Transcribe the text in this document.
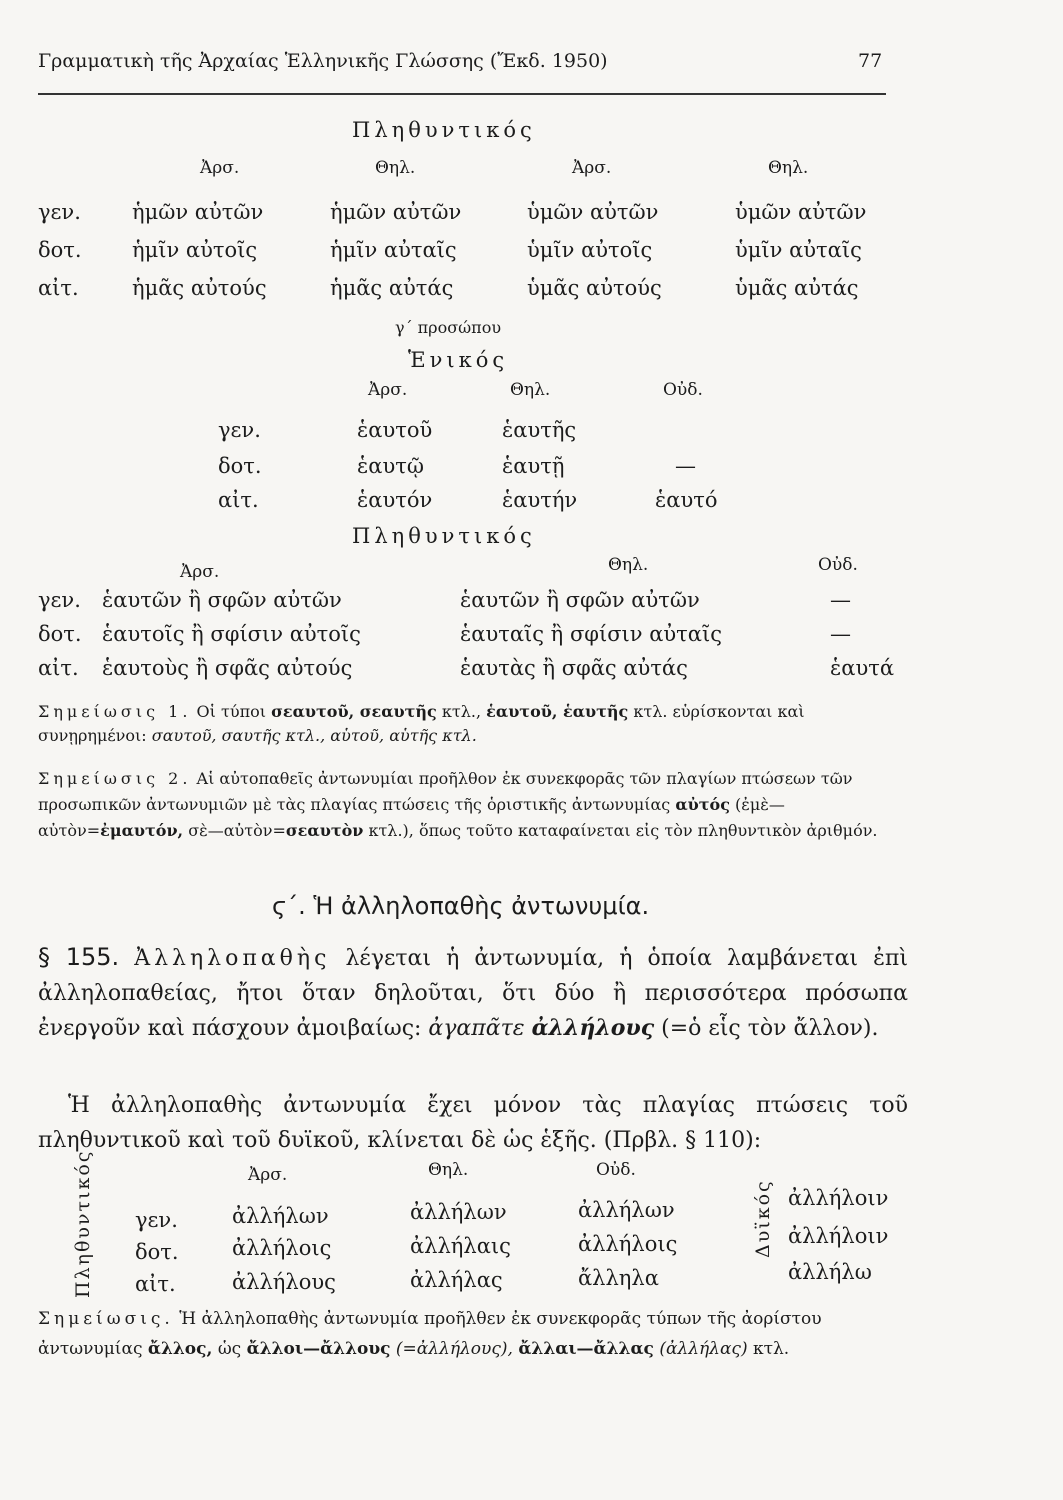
Γραμματικὴ τῆς Ἀρχαίας Ἑλληνικῆς Γλώσσης (Ἔκδ. 1950)	77
Πληθυντικός
Ἀρσ.	Θηλ.	Ἀρσ.	Θηλ.
γεν. ἡμῶν αὐτῶν	ἡμῶν αὐτῶν	ὑμῶν αὐτῶν	ὑμῶν αὐτῶν
δοτ. ἡμῖν αὐτοῖς	ἡμῖν αὐταῖς	ὑμῖν αὐτοῖς	ὑμῖν αὐταῖς
αἰτ.	ἡμᾶς αὐτούς	ἡμᾶς αὐτάς	ὑμᾶς αὐτούς	ὑμᾶς αὐτάς
γ΄ προσώπου
Ἑνικός
Ἀρσ.	Θηλ.	Οὐδ.
γεν.	ἑαυτοῦ	ἑαυτῆς
δοτ.	ἑαυτῷ	ἑαυτῇ	—
αἰτ.	ἑαυτόν	ἑαυτήν	ἑαυτό
Πληθυντικός
Ἀρσ.	Θηλ.	Οὐδ.
γεν. ἑαυτῶν ἢ σφῶν αὐτῶν	ἑαυτῶν ἢ σφῶν αὐτῶν	—
δοτ. ἑαυτοῖς ἢ σφίσιν αὐτοῖς	ἑαυταῖς ἢ σφίσιν αὐταῖς	—
αἰτ. ἑαυτοὺς ἢ σφᾶς αὐτούς	ἑαυτὰς ἢ σφᾶς αὐτάς	ἑαυτά
Σημείωσις 1. Οἱ τύποι σεαυτοῦ, σεαυτῆς κτλ., ἑαυτοῦ, ἑαυτῆς κτλ. εὑρίσκονται καὶ συνῃρημένοι: σαυτοῦ, σαυτῆς κτλ., αὑτοῦ, αὑτῆς κτλ.
Σημείωσις 2. Αἱ αὐτοπαθεῖς ἀντωνυμίαι προῆλθον ἐκ συνεκφορᾶς τῶν πλαγίων πτώσεων τῶν προσωπικῶν ἀντωνυμιῶν μὲ τὰς πλαγίας πτώσεις τῆς ὁριστικῆς ἀντωνυμίας αὐτός (ἐμὲ—αὐτὸν=ἐμαυτόν, σὲ—αὐτὸν=σεαυτὸν κτλ.), ὅπως τοῦτο καταφαίνεται εἰς τὸν πληθυντικὸν ἀριθμόν.
ϛ΄. Ἡ ἀλληλοπαθὴς ἀντωνυμία.
§ 155. Ἀλληλοπαθὴς λέγεται ἡ ἀντωνυμία, ἡ ὁποία λαμβάνεται ἐπὶ ἀλληλοπαθείας, ἤτοι ὅταν δηλοῦται, ὅτι δύο ἢ περισσότερα πρόσωπα ἐνεργοῦν καὶ πάσχουν ἀμοιβαίως: ἀγαπᾶτε ἀλλήλους (=ὁ εἷς τὸν ἄλλον).
Ἡ ἀλληλοπαθὴς ἀντωνυμία ἔχει μόνον τὰς πλαγίας πτώσεις τοῦ πληθυντικοῦ καὶ τοῦ δυϊκοῦ, κλίνεται δὲ ὡς ἑξῆς. (Πρβλ. § 110):
Πληθυντικός	Δυϊκός
Ἀρσ.	Θηλ.	Οὐδ.
γεν.	ἀλλήλων	ἀλλήλων	ἀλλήλων	ἀλλήλοιν
δοτ.	ἀλλήλοις	ἀλλήλαις	ἀλλήλοις	ἀλλήλοιν
αἰτ.	ἀλλήλους	ἀλλήλας	ἄλληλα	ἀλλήλω
Σημείωσις. Ἡ ἀλληλοπαθὴς ἀντωνυμία προῆλθεν ἐκ συνεκφορᾶς τύπων τῆς ἀορίστου ἀντωνυμίας ἄλλος, ὡς ἄλλοι—ἄλλους (=ἀλλήλους), ἄλλαι—ἄλλας (ἀλλήλας) κτλ.
